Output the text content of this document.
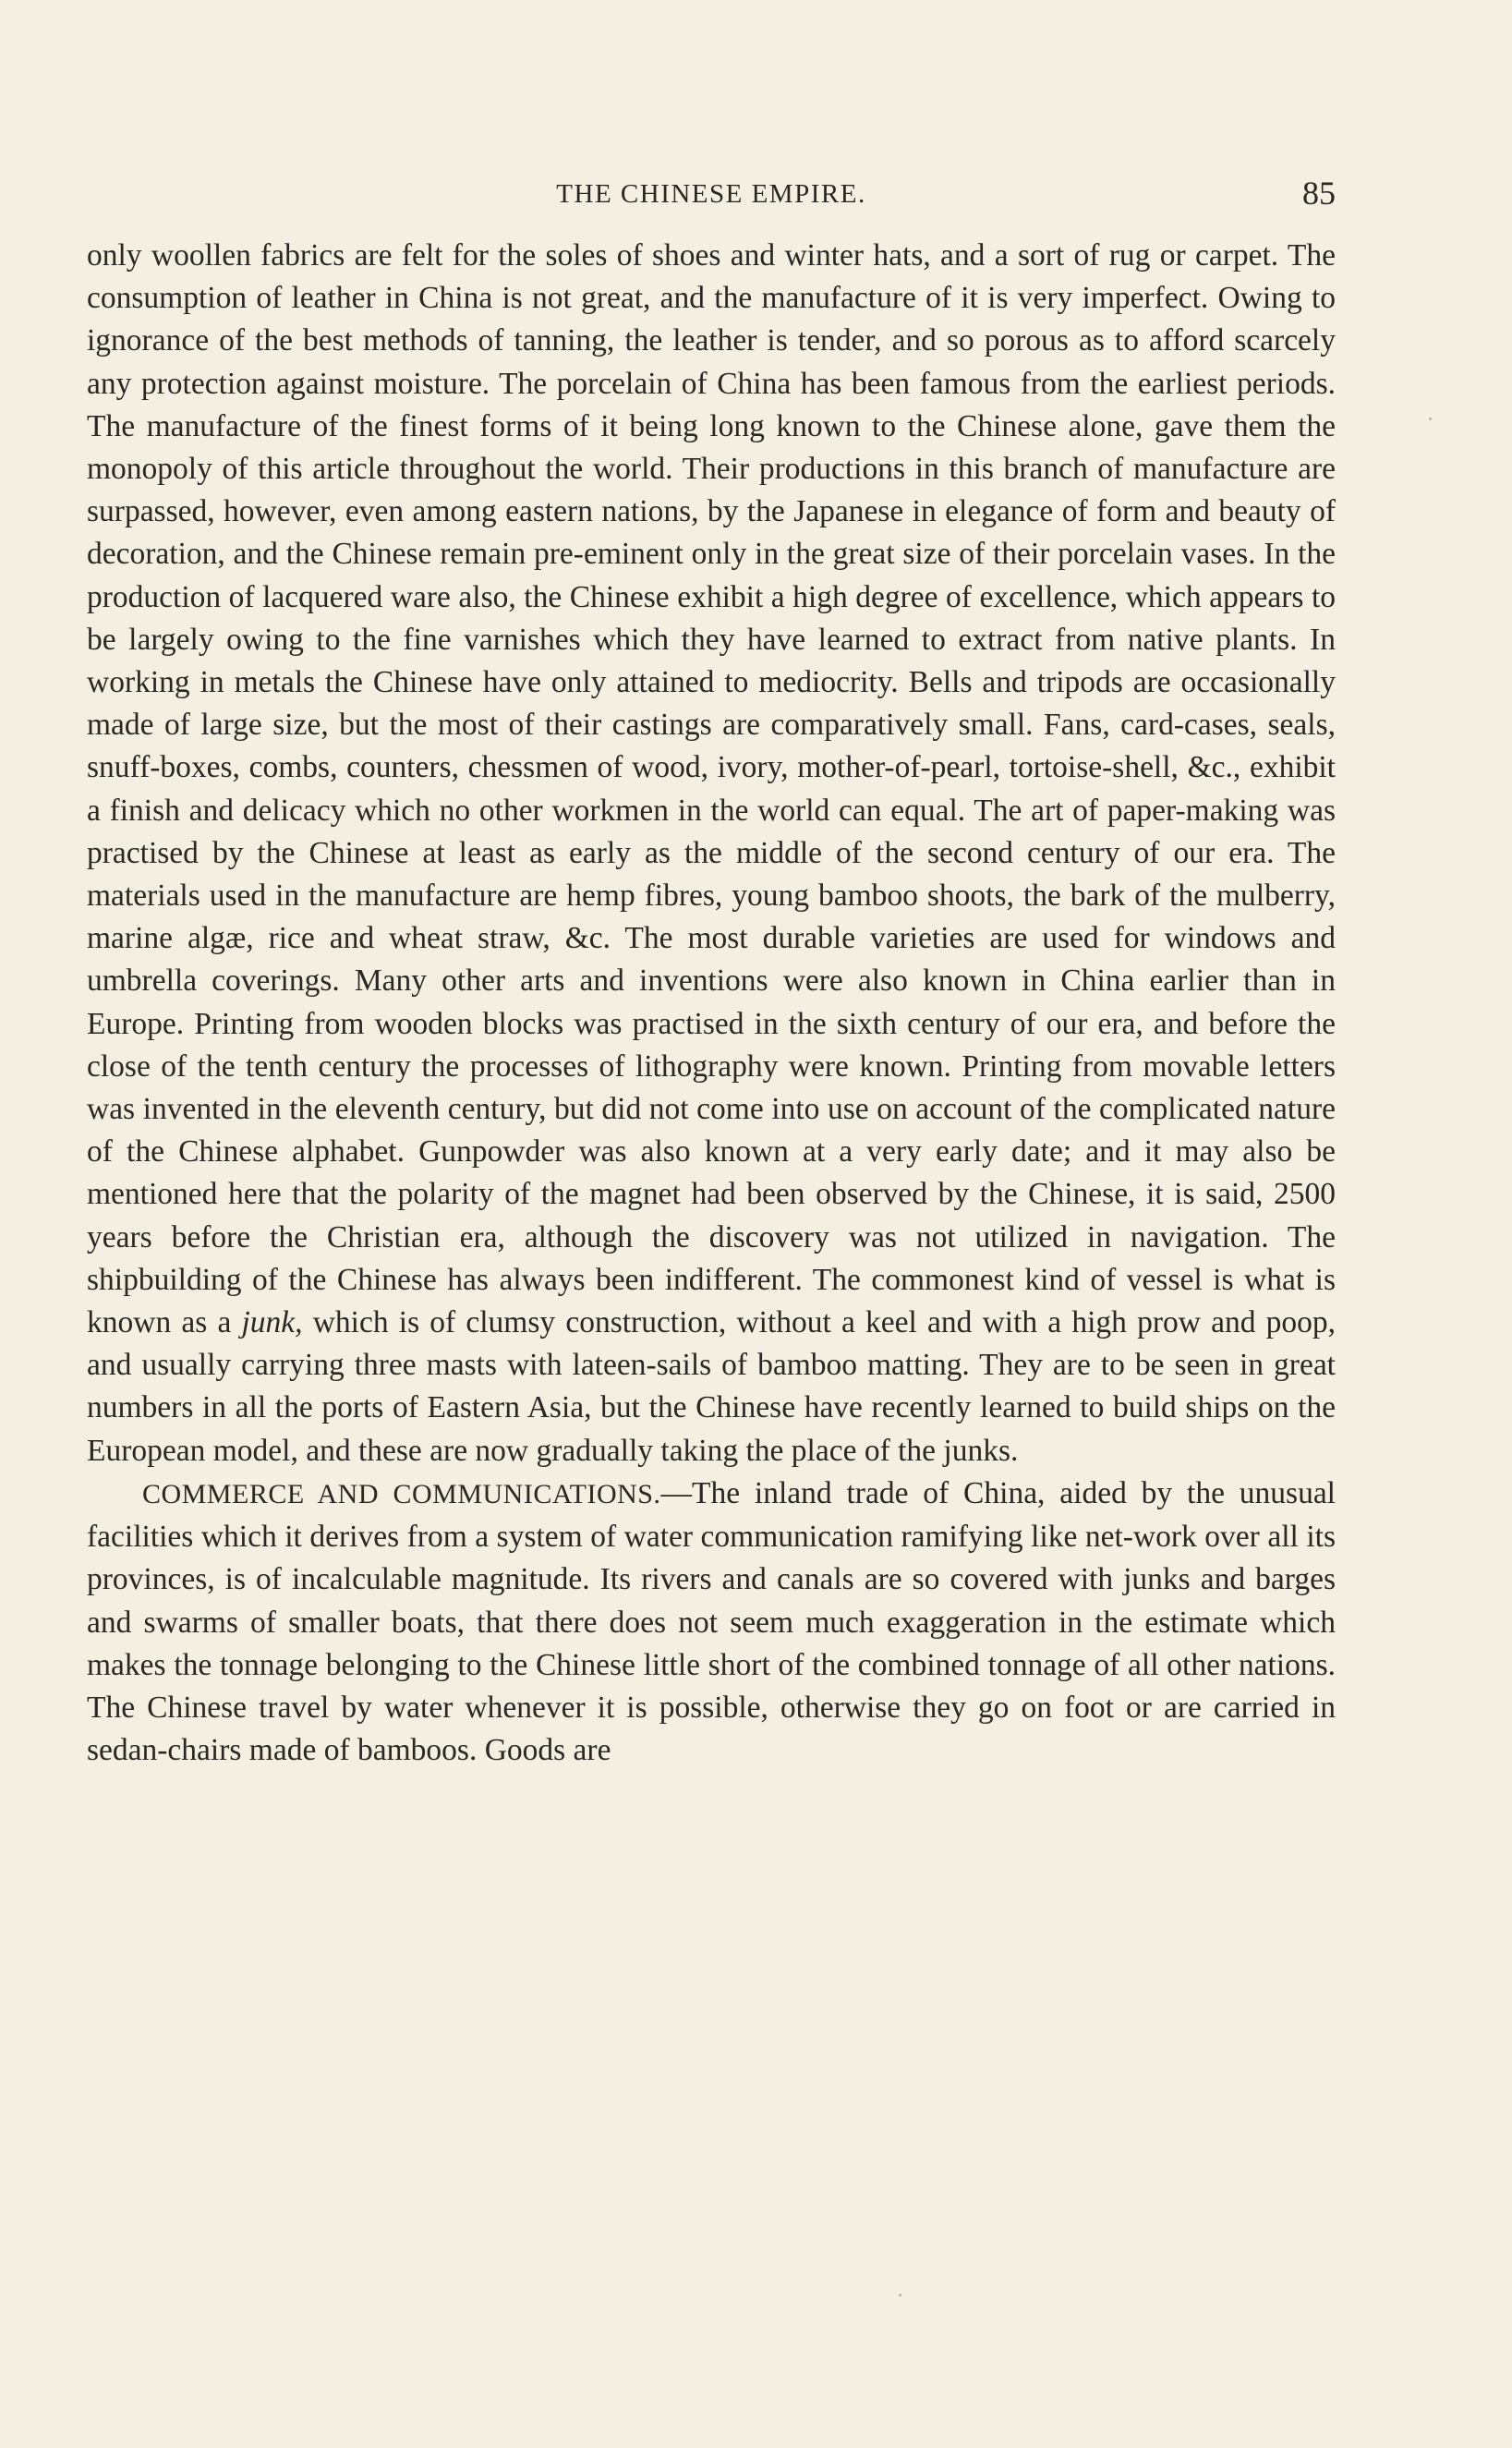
THE CHINESE EMPIRE.	85

only woollen fabrics are felt for the soles of shoes and winter hats, and a sort of rug or carpet. The consumption of leather in China is not great, and the manufacture of it is very imperfect. Owing to ignorance of the best methods of tanning, the leather is tender, and so porous as to afford scarcely any protection against moisture. The porcelain of China has been famous from the earliest periods. The manufacture of the finest forms of it being long known to the Chinese alone, gave them the monopoly of this article throughout the world. Their productions in this branch of manufacture are surpassed, however, even among eastern nations, by the Japanese in elegance of form and beauty of decoration, and the Chinese remain pre-eminent only in the great size of their porcelain vases. In the production of lacquered ware also, the Chinese exhibit a high degree of excellence, which appears to be largely owing to the fine varnishes which they have learned to extract from native plants. In working in metals the Chinese have only attained to mediocrity. Bells and tripods are occasionally made of large size, but the most of their castings are comparatively small. Fans, card-cases, seals, snuff-boxes, combs, counters, chessmen of wood, ivory, mother-of-pearl, tortoise-shell, &c., exhibit a finish and delicacy which no other workmen in the world can equal. The art of paper-making was practised by the Chinese at least as early as the middle of the second century of our era. The materials used in the manufacture are hemp fibres, young bamboo shoots, the bark of the mulberry, marine algæ, rice and wheat straw, &c. The most durable varieties are used for windows and umbrella coverings. Many other arts and inventions were also known in China earlier than in Europe. Printing from wooden blocks was practised in the sixth century of our era, and before the close of the tenth century the processes of lithography were known. Printing from movable letters was invented in the eleventh century, but did not come into use on account of the complicated nature of the Chinese alphabet. Gunpowder was also known at a very early date; and it may also be mentioned here that the polarity of the magnet had been observed by the Chinese, it is said, 2500 years before the Christian era, although the discovery was not utilized in navigation. The shipbuilding of the Chinese has always been indifferent. The commonest kind of vessel is what is known as a junk, which is of clumsy construction, without a keel and with a high prow and poop, and usually carrying three masts with lateen-sails of bamboo matting. They are to be seen in great numbers in all the ports of Eastern Asia, but the Chinese have recently learned to build ships on the European model, and these are now gradually taking the place of the junks.

COMMERCE AND COMMUNICATIONS.—The inland trade of China, aided by the unusual facilities which it derives from a system of water communication ramifying like net-work over all its provinces, is of incalculable magnitude. Its rivers and canals are so covered with junks and barges and swarms of smaller boats, that there does not seem much exaggeration in the estimate which makes the tonnage belonging to the Chinese little short of the combined tonnage of all other nations. The Chinese travel by water whenever it is possible, otherwise they go on foot or are carried in sedan-chairs made of bamboos. Goods are
